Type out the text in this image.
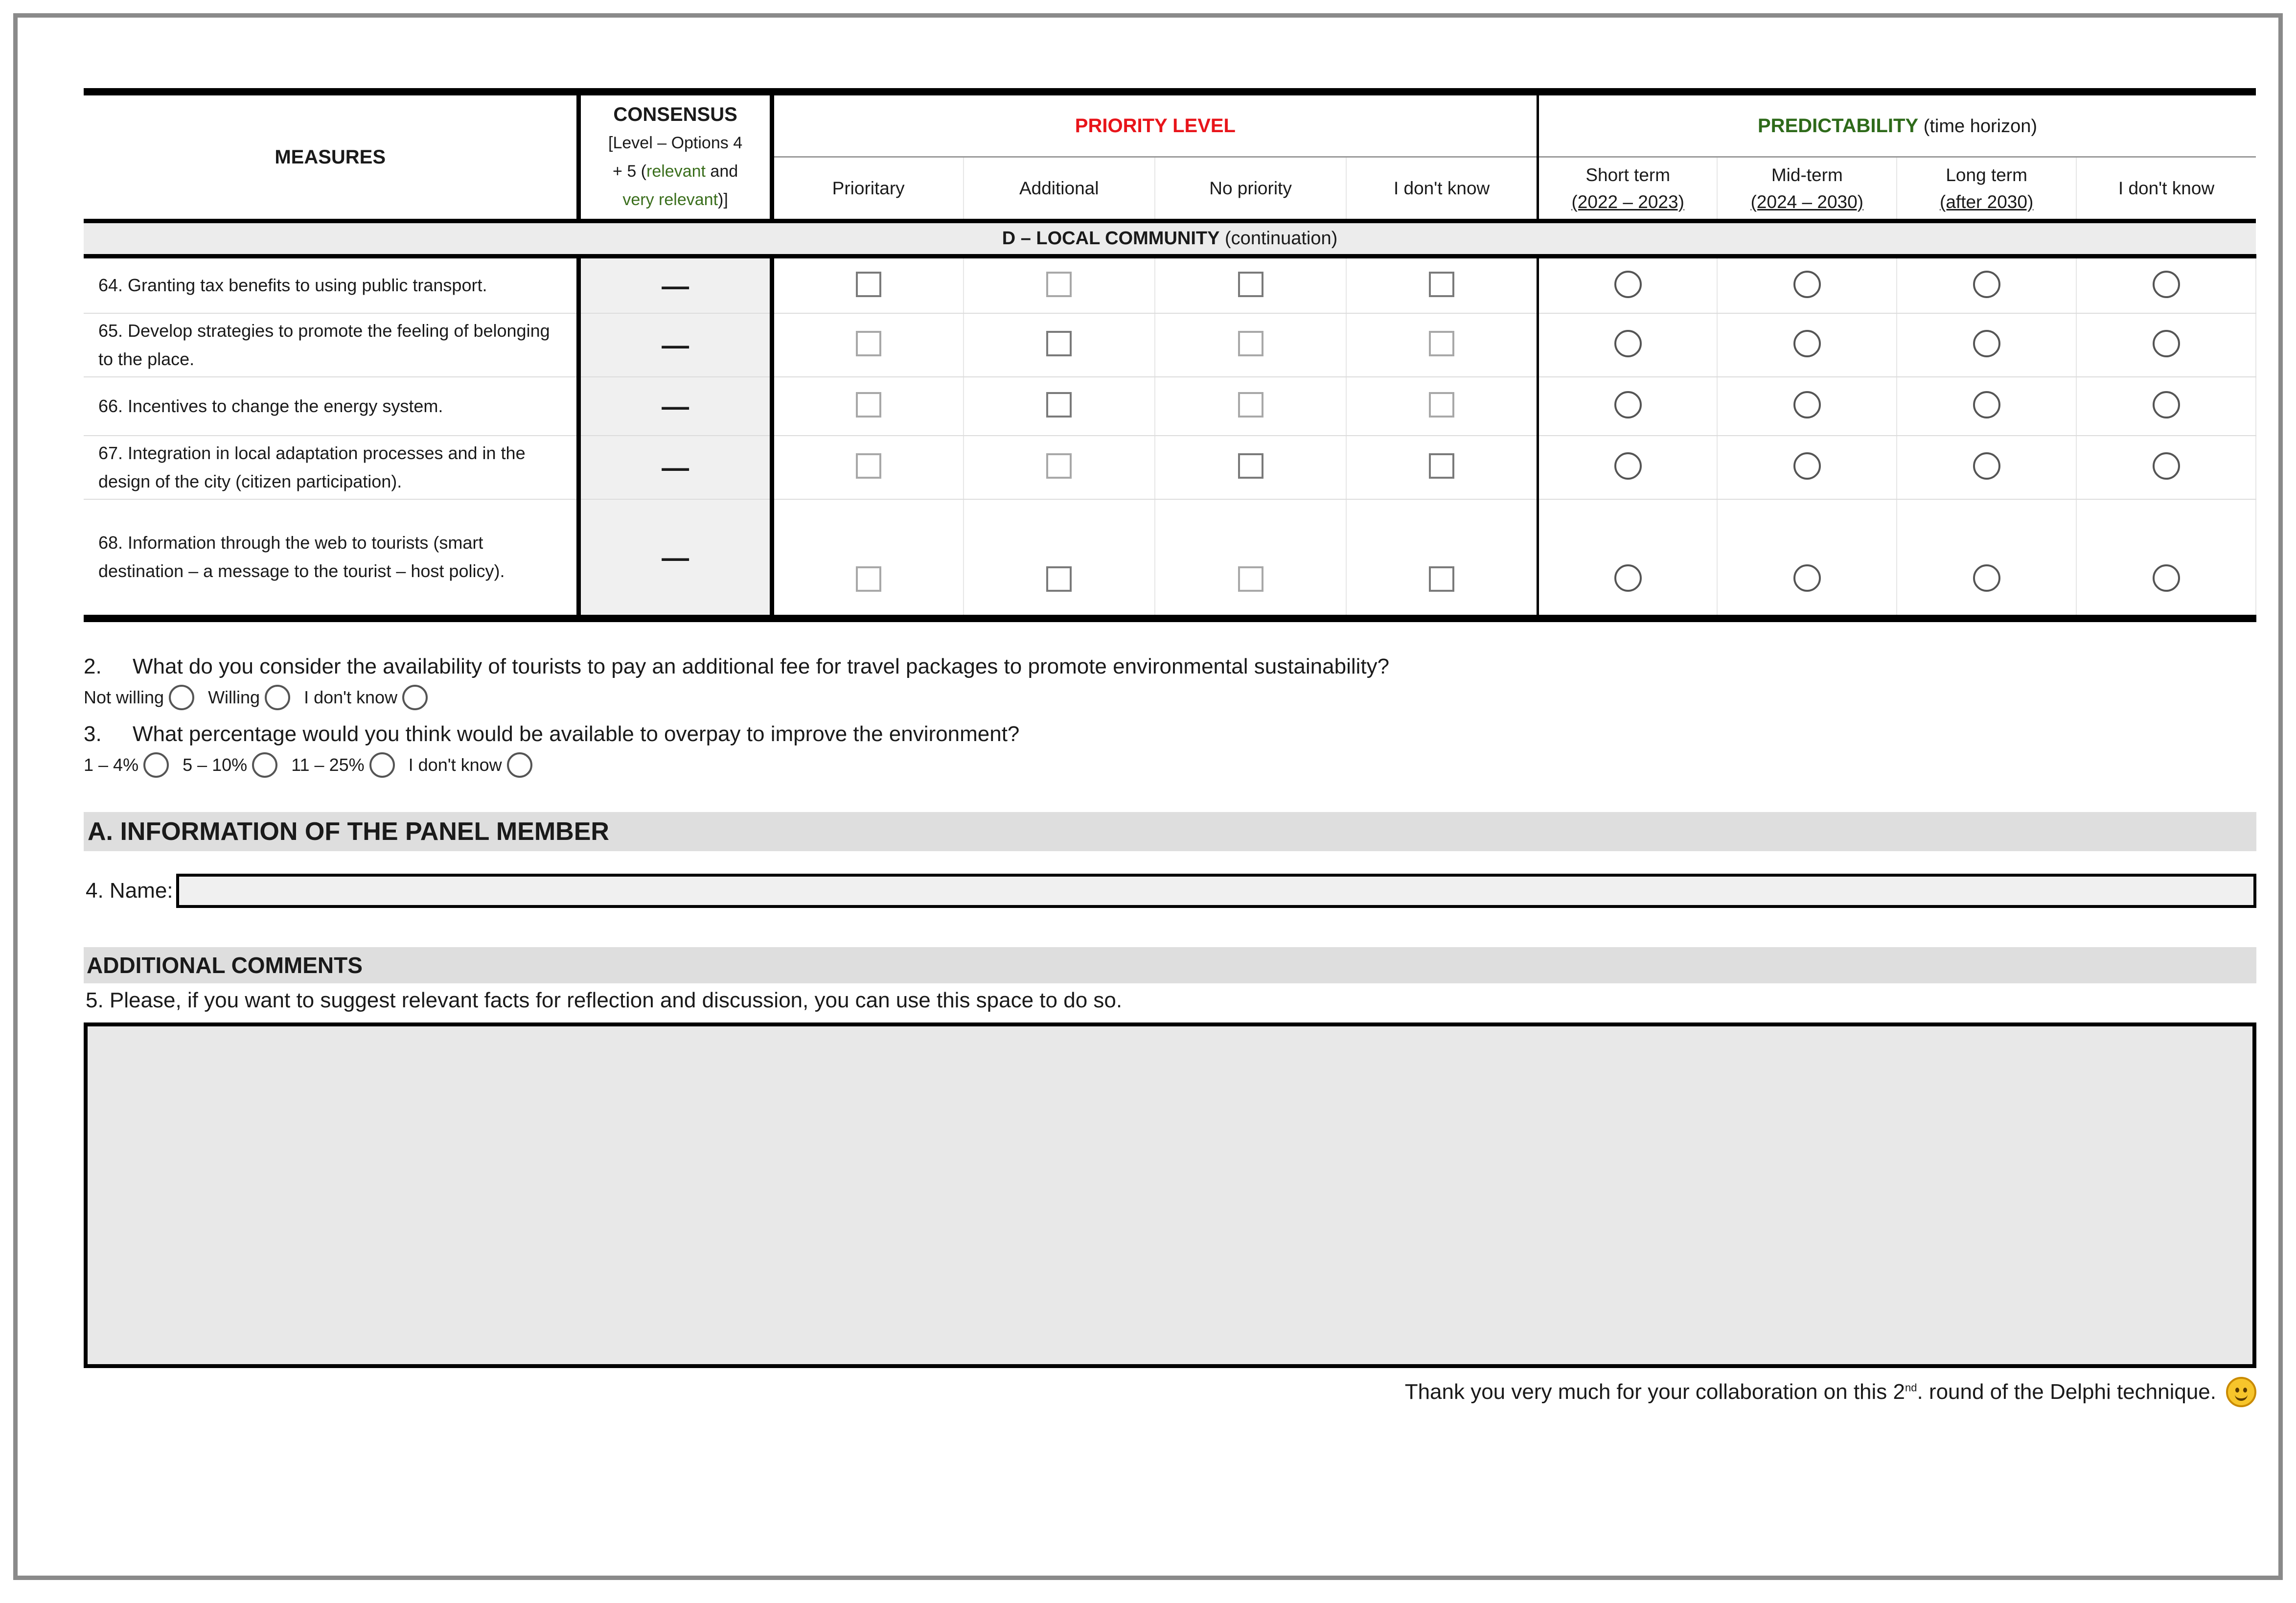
MEASURES	CONSENSUS
[Level – Options 4
+ 5 (relevant and
very relevant)]	PRIORITY LEVEL				PREDICTABILITY (time horizon)			
		Prioritary	Additional	No priority	I don't know	Short term
(2022 – 2023)	Mid-term
(2024 – 2030)	Long term
(after 2030)	I don't know
D – LOCAL COMMUNITY (continuation)									
64. Granting tax benefits to using public transport.	—								
65. Develop strategies to promote the feeling of belonging to the place.	—								
66. Incentives to change the energy system.	—								
67. Integration in local adaptation processes and in the design of the city (citizen participation).	—								
68. Information through the web to tourists (smart destination – a message to the tourist – host policy).	—								
2. What do you consider the availability of tourists to pay an additional fee for travel packages to promote environmental sustainability?
Not willing	Willing	I don't know
3. What percentage would you think would be available to overpay to improve the environment?
1 – 4%	5 – 10%	11 – 25%	I don't know
A. INFORMATION OF THE PANEL MEMBER
4. Name:
ADDITIONAL COMMENTS
5. Please, if you want to suggest relevant facts for reflection and discussion, you can use this space to do so.
Thank you very much for your collaboration on this 2nd. round of the Delphi technique.
